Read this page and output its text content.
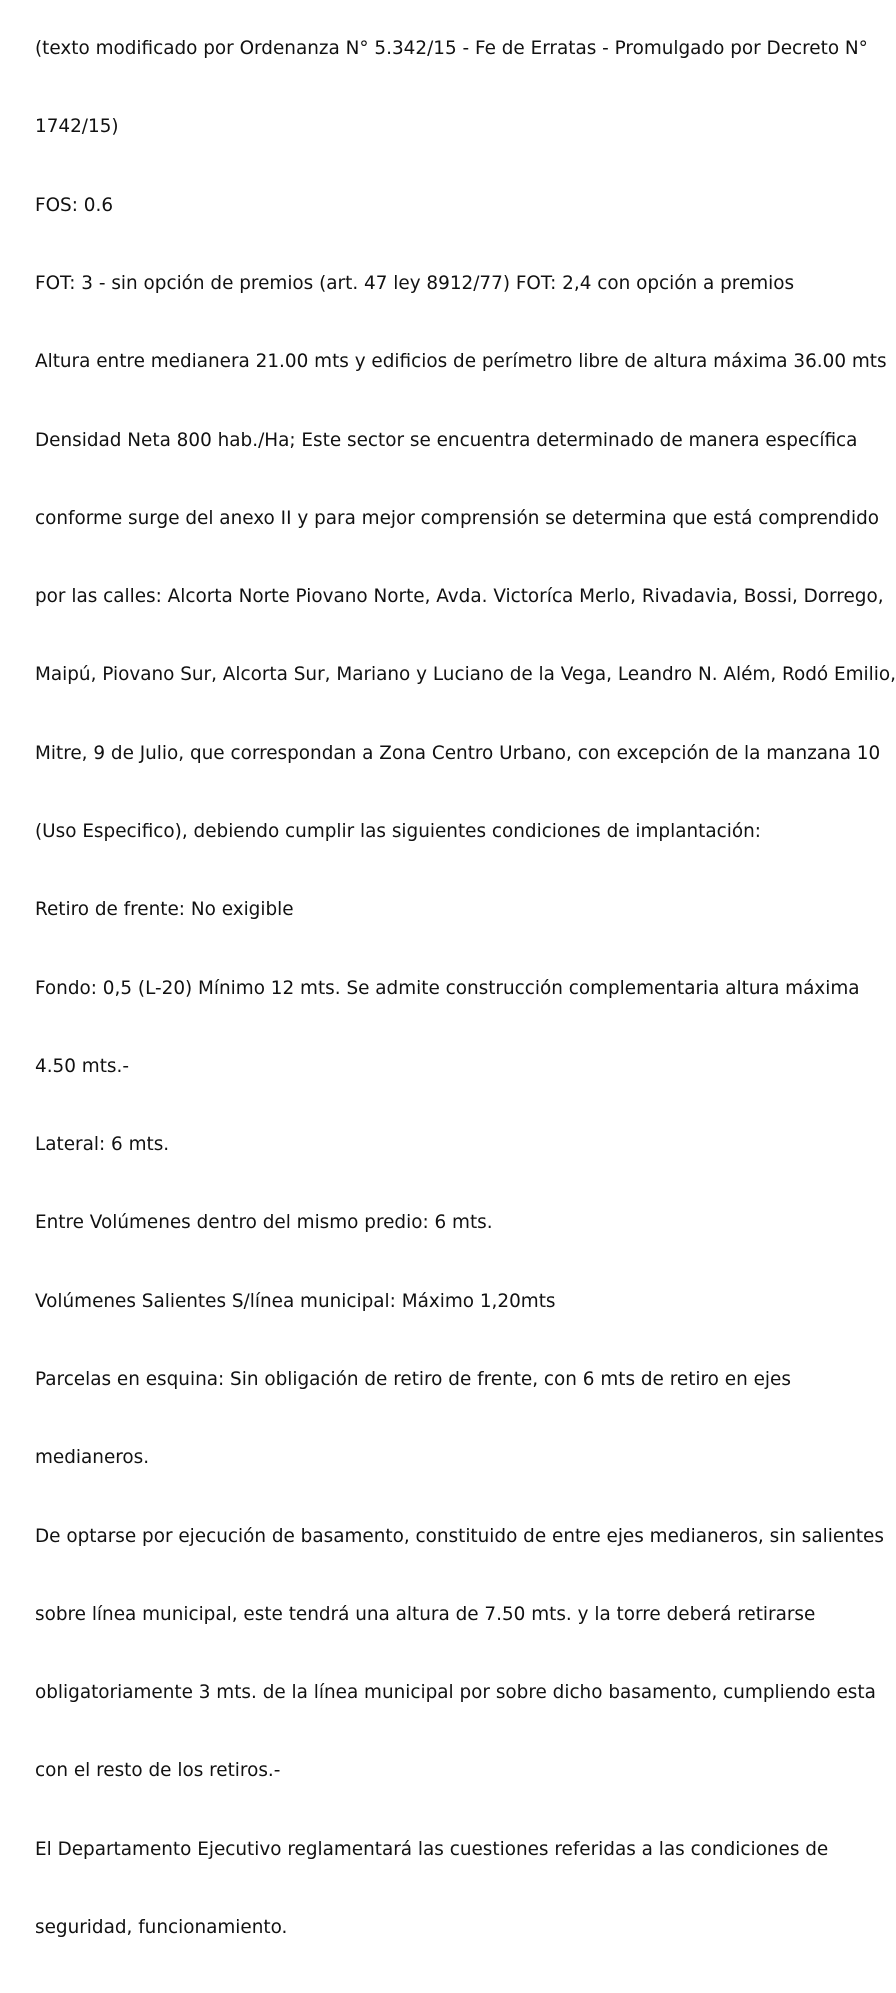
(texto modificado por Ordenanza N° 5.342/15 - Fe de Erratas - Promulgado por Decreto N°

1742/15)

FOS: 0.6

FOT: 3 - sin opción de premios (art. 47 ley 8912/77) FOT: 2,4 con opción a premios

Altura entre medianera 21.00 mts y edificios de perímetro libre de altura máxima 36.00 mts

Densidad Neta 800 hab./Ha; Este sector se encuentra determinado de manera específica

conforme surge del anexo II y para mejor comprensión se determina que está comprendido

por las calles: Alcorta Norte Piovano Norte, Avda. Victoríca Merlo, Rivadavia, Bossi, Dorrego,

Maipú, Piovano Sur, Alcorta Sur, Mariano y Luciano de la Vega, Leandro N. Além, Rodó Emilio,

Mitre, 9 de Julio, que correspondan a Zona Centro Urbano, con excepción de la manzana 10

(Uso Especifico), debiendo cumplir las siguientes condiciones de implantación:

Retiro de frente: No exigible

Fondo: 0,5 (L-20) Mínimo 12 mts. Se admite construcción complementaria altura máxima

4.50 mts.-

Lateral: 6 mts.

Entre Volúmenes dentro del mismo predio: 6 mts.

Volúmenes Salientes S/línea municipal: Máximo 1,20mts

Parcelas en esquina: Sin obligación de retiro de frente, con 6 mts de retiro en ejes

medianeros.

De optarse por ejecución de basamento, constituido de entre ejes medianeros, sin salientes

sobre línea municipal, este tendrá una altura de 7.50 mts. y la torre deberá retirarse

obligatoriamente 3 mts. de la línea municipal por sobre dicho basamento, cumpliendo esta

con el resto de los retiros.-

El Departamento Ejecutivo reglamentará las cuestiones referidas a las condiciones de

seguridad, funcionamiento.
